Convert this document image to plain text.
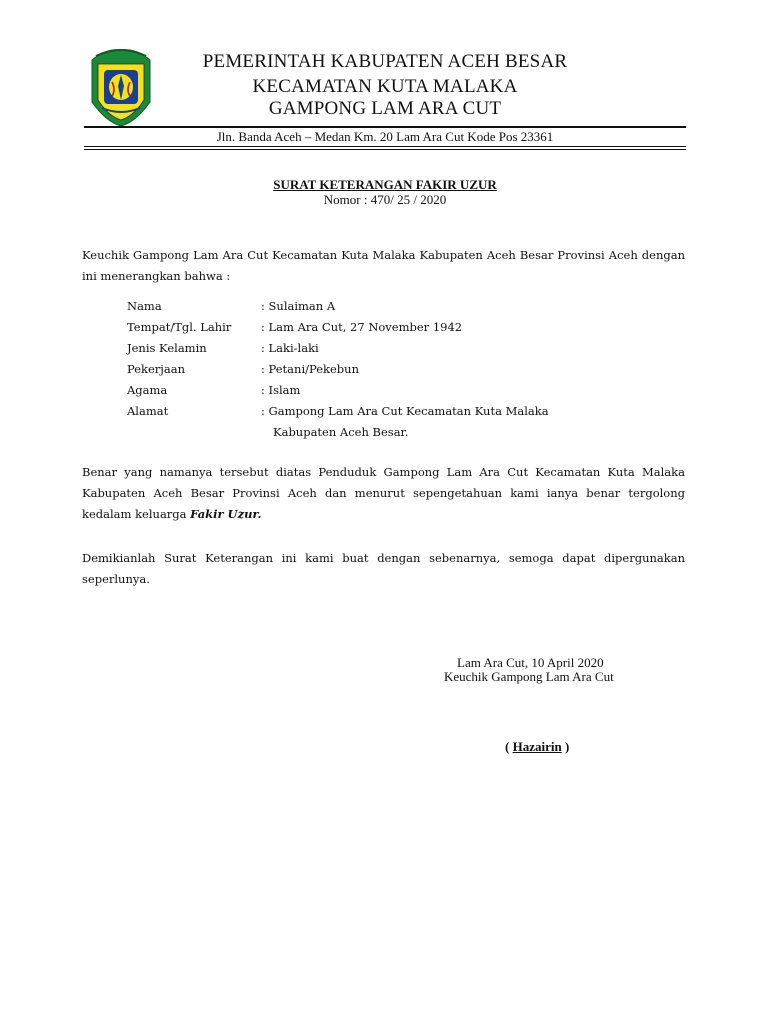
PEMERINTAH KABUPATEN ACEH BESAR
KECAMATAN KUTA MALAKA
GAMPONG LAM ARA CUT
Jln. Banda Aceh – Medan Km. 20 Lam Ara Cut Kode Pos 23361
SURAT KETERANGAN FAKIR UZUR
Nomor : 470/ 25 / 2020
Keuchik Gampong Lam Ara Cut Kecamatan Kuta Malaka Kabupaten Aceh Besar Provinsi Aceh dengan ini menerangkan bahwa :
Nama	: Sulaiman A
Tempat/Tgl. Lahir	: Lam Ara Cut, 27 November 1942
Jenis Kelamin	: Laki-laki
Pekerjaan	: Petani/Pekebun
Agama	: Islam
Alamat	: Gampong Lam Ara Cut Kecamatan Kuta Malaka
Kabupaten Aceh Besar.
Benar yang namanya tersebut diatas Penduduk Gampong Lam Ara Cut Kecamatan Kuta Malaka Kabupaten Aceh Besar Provinsi Aceh dan menurut sepengetahuan kami ianya benar tergolong kedalam keluarga Fakir Uzur.
Demikianlah Surat Keterangan ini kami buat dengan sebenarnya, semoga dapat dipergunakan seperlunya.
Lam Ara Cut, 10 April 2020
Keuchik Gampong Lam Ara Cut
( Hazairin )
